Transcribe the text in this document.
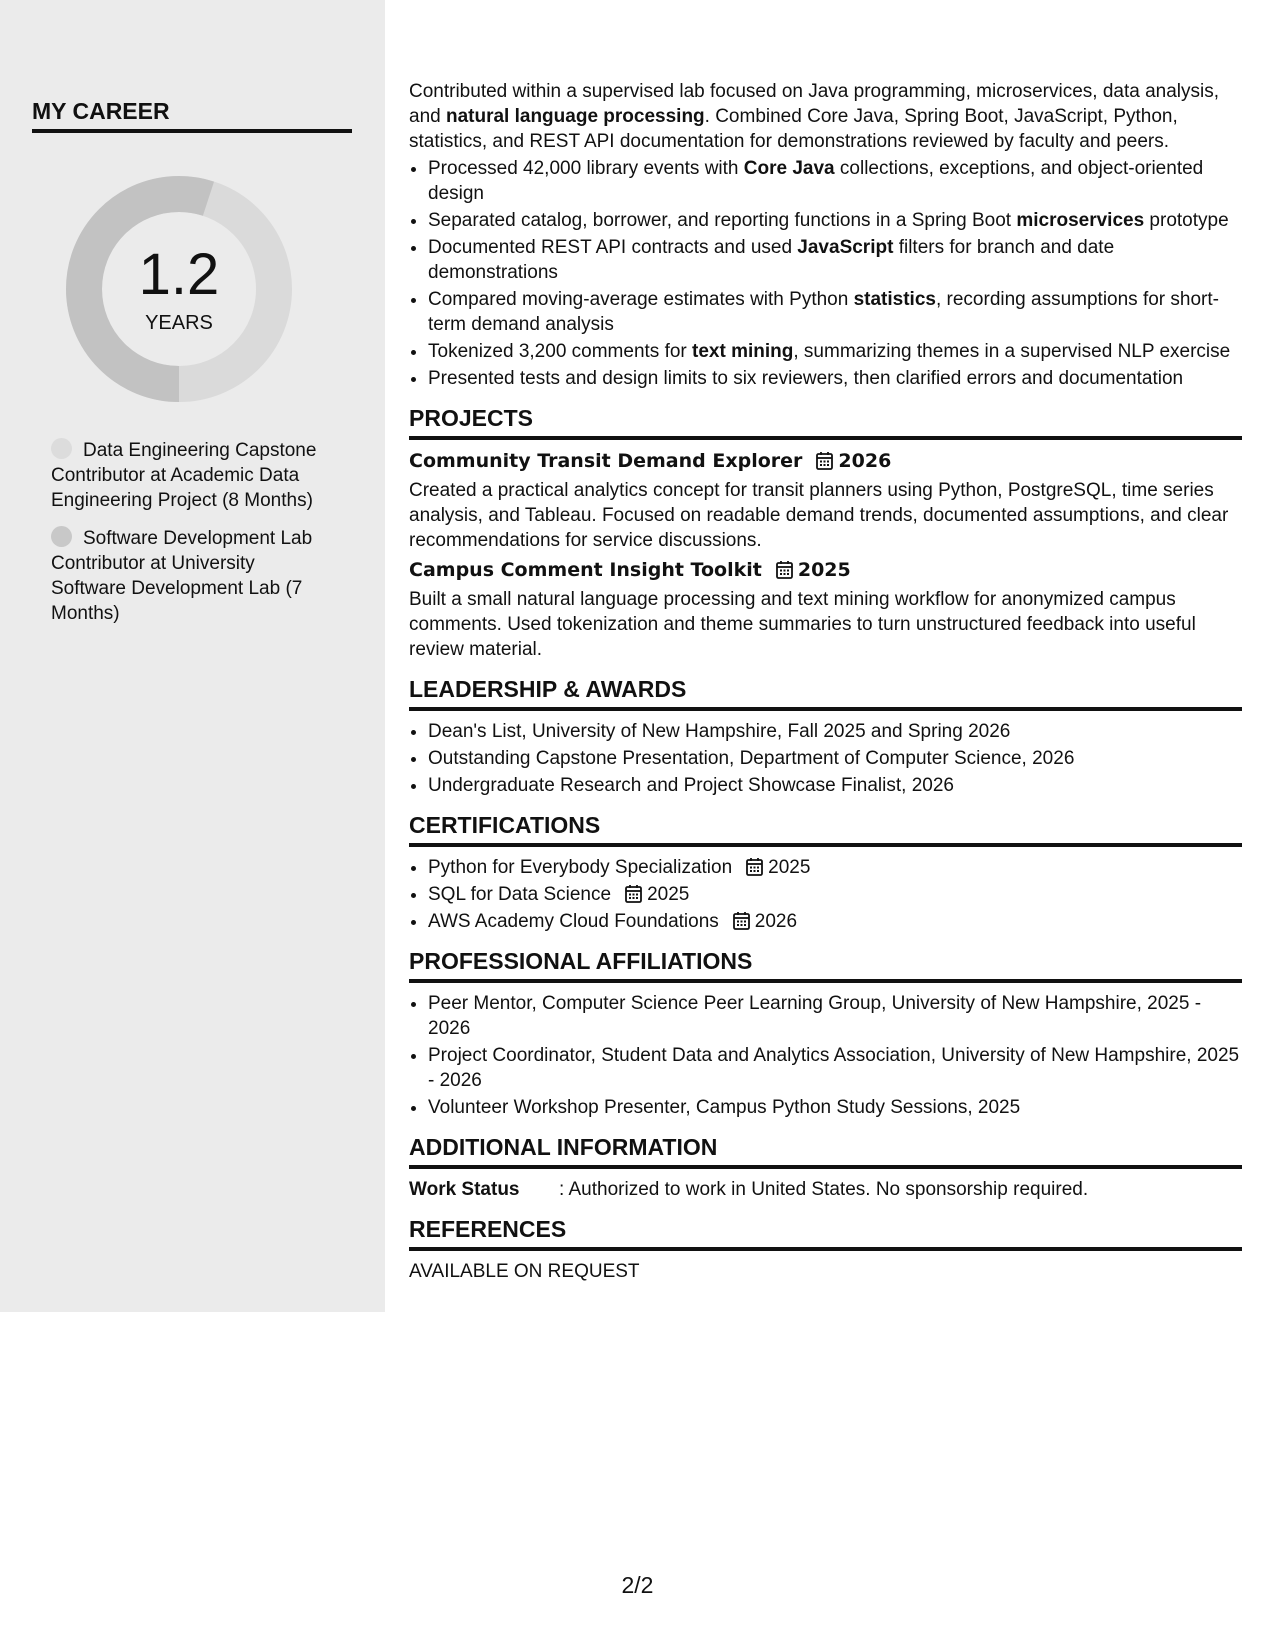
MY CAREER
1.2
YEARS
Data Engineering Capstone Contributor at Academic Data Engineering Project (8 Months)
Software Development Lab Contributor at University Software Development Lab (7 Months)

Contributed within a supervised lab focused on Java programming, microservices, data analysis, and natural language processing. Combined Core Java, Spring Boot, JavaScript, Python, statistics, and REST API documentation for demonstrations reviewed by faculty and peers.

• Processed 42,000 library events with Core Java collections, exceptions, and object-oriented design
• Separated catalog, borrower, and reporting functions in a Spring Boot microservices prototype
• Documented REST API contracts and used JavaScript filters for branch and date demonstrations
• Compared moving-average estimates with Python statistics, recording assumptions for short-term demand analysis
• Tokenized 3,200 comments for text mining, summarizing themes in a supervised NLP exercise
• Presented tests and design limits to six reviewers, then clarified errors and documentation
PROJECTS
Community Transit Demand Explorer 2026

Created a practical analytics concept for transit planners using Python, PostgreSQL, time series analysis, and Tableau. Focused on readable demand trends, documented assumptions, and clear recommendations for service discussions.

Campus Comment Insight Toolkit 2025

Built a small natural language processing and text mining workflow for anonymized campus comments. Used tokenization and theme summaries to turn unstructured feedback into useful review material.

LEADERSHIP & AWARDS
• Dean's List, University of New Hampshire, Fall 2025 and Spring 2026
• Outstanding Capstone Presentation, Department of Computer Science, 2026
• Undergraduate Research and Project Showcase Finalist, 2026
CERTIFICATIONS
• Python for Everybody Specialization 2025
• SQL for Data Science 2025
• AWS Academy Cloud Foundations 2026
PROFESSIONAL AFFILIATIONS
• Peer Mentor, Computer Science Peer Learning Group, University of New Hampshire, 2025 - 2026
• Project Coordinator, Student Data and Analytics Association, University of New Hampshire, 2025 - 2026
• Volunteer Workshop Presenter, Campus Python Study Sessions, 2025
ADDITIONAL INFORMATION
Work Status	: Authorized to work in United States. No sponsorship required.
REFERENCES

AVAILABLE ON REQUEST

2/2
